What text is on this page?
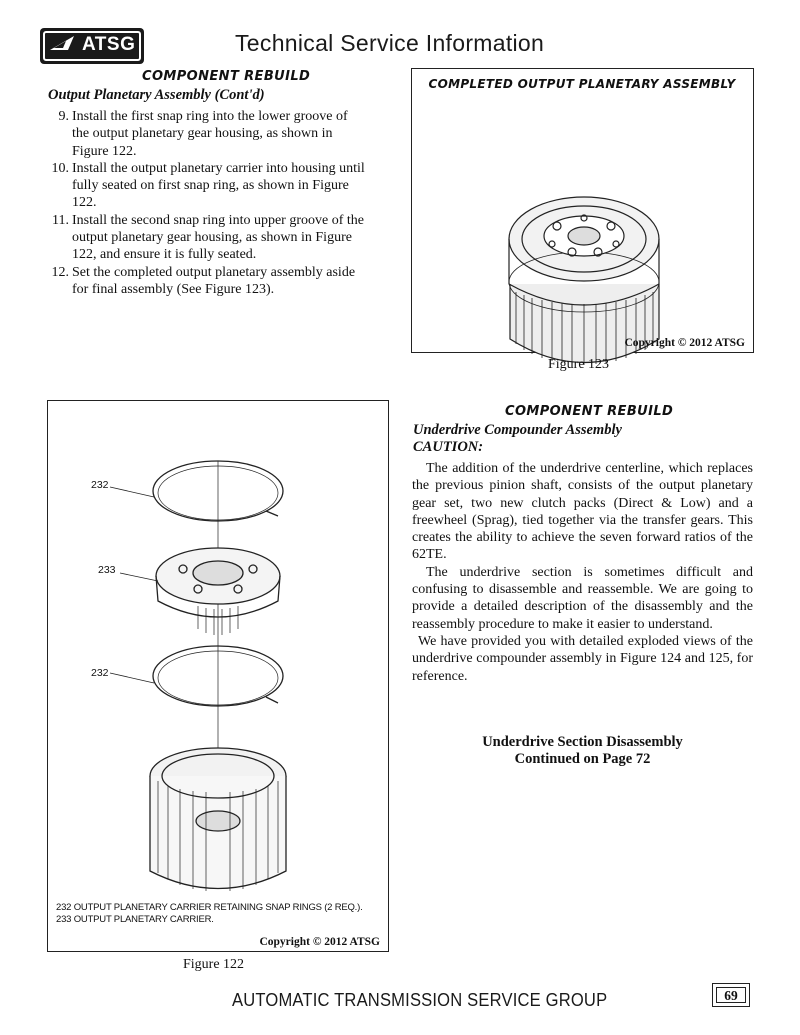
ATSG	Technical Service Information
COMPONENT REBUILD
Output Planetary Assembly (Cont'd)
9. Install the first snap ring into the lower groove of the output planetary gear housing, as shown in Figure 122.
10. Install the output planetary carrier into housing until fully seated on first snap ring, as shown in Figure 122.
11. Install the second snap ring into upper groove of the output planetary gear housing, as shown in Figure 122, and ensure it is fully seated.
12. Set the completed output planetary assembly aside for final assembly (See Figure 123).
COMPLETED OUTPUT PLANETARY ASSEMBLY
Copyright © 2012 ATSG
Figure 123
232
233
232
232 OUTPUT PLANETARY CARRIER RETAINING SNAP RINGS (2 REQ.).
233 OUTPUT PLANETARY CARRIER.
Copyright © 2012 ATSG
Figure 122
COMPONENT REBUILD
Underdrive Compounder Assembly
CAUTION:

The addition of the underdrive centerline, which replaces the previous pinion shaft, consists of the output planetary gear set, two new clutch packs (Direct & Low) and a freewheel (Sprag), tied together via the transfer gears. This creates the ability to achieve the seven forward ratios of the 62TE.

The underdrive section is sometimes difficult and confusing to disassemble and reassemble. We are going to provide a detailed description of the disassembly and the reassembly procedure to make it easier to understand.

We have provided you with detailed exploded views of the underdrive compounder assembly in Figure 124 and 125, for reference.

Underdrive Section Disassembly
Continued on Page 72
AUTOMATIC TRANSMISSION SERVICE GROUP	69
